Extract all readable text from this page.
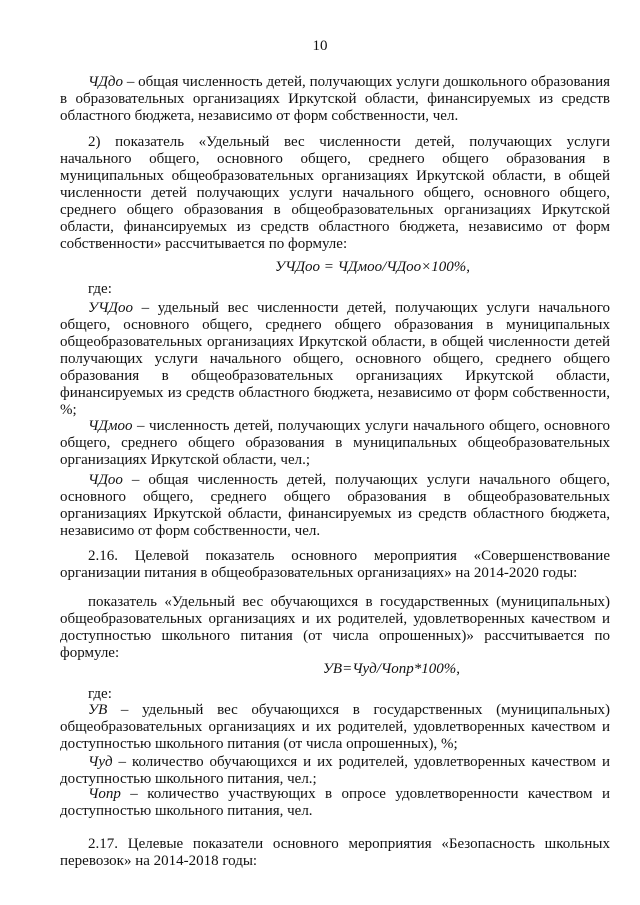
10
ЧДдо – общая численность детей, получающих услуги дошкольного образования
в образовательных организациях Иркутской области, финансируемых из средств
областного бюджета, независимо от форм собственности, чел.
2) показатель «Удельный вес численности детей, получающих услуги
начального общего, основного общего, среднего общего образования в
муниципальных общеобразовательных организациях Иркутской области, в общей
численности детей получающих услуги начального общего, основного общего,
среднего общего образования в общеобразовательных организациях Иркутской
области, финансируемых из средств областного бюджета, независимо от форм
собственности» рассчитывается по формуле:
УЧДоо = ЧДмоо/ЧДоо×100%,
где:
УЧДоо – удельный вес численности детей, получающих услуги начального
общего, основного общего, среднего общего образования в муниципальных
общеобразовательных организациях Иркутской области, в общей численности детей
получающих услуги начального общего, основного общего, среднего общего
образования в общеобразовательных организациях Иркутской области,
финансируемых из средств областного бюджета, независимо от форм собственности,
%;
ЧДмоо – численность детей, получающих услуги начального общего, основного
общего, среднего общего образования в муниципальных общеобразовательных
организациях Иркутской области, чел.;
ЧДоо – общая численность детей, получающих услуги начального общего,
основного общего, среднего общего образования в общеобразовательных
организациях Иркутской области, финансируемых из средств областного бюджета,
независимо от форм собственности, чел.
2.16. Целевой показатель основного мероприятия «Совершенствование
организации питания в общеобразовательных организациях» на 2014-2020 годы:
показатель «Удельный вес обучающихся в государственных (муниципальных)
общеобразовательных организациях и их родителей, удовлетворенных качеством и
доступностью школьного питания (от числа опрошенных)» рассчитывается по
формуле:
УВ=Чуд/Чопр*100%,
где:
УВ – удельный вес обучающихся в государственных (муниципальных)
общеобразовательных организациях и их родителей, удовлетворенных качеством и
доступностью школьного питания (от числа опрошенных), %;
Чуд – количество обучающихся и их родителей, удовлетворенных качеством и
доступностью школьного питания, чел.;
Чопр – количество участвующих в опросе удовлетворенности качеством и
доступностью школьного питания, чел.
2.17. Целевые показатели основного мероприятия «Безопасность школьных
перевозок» на 2014-2018 годы:
